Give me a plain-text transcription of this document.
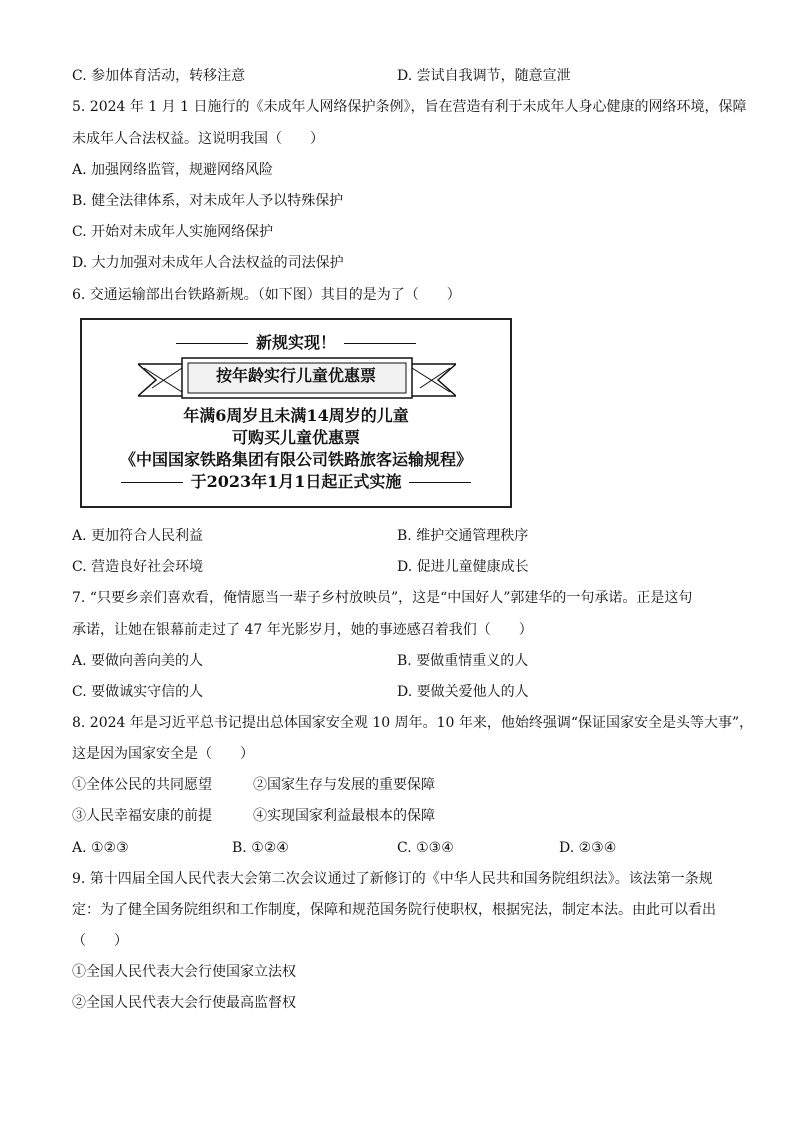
C. 参加体育活动，转移注意	D. 尝试自我调节，随意宣泄
5. 2024 年 1 月 1 日施行的《未成年人网络保护条例》，旨在营造有利于未成年人身心健康的网络环境，保障
未成年人合法权益。这说明我国（　　）
A. 加强网络监管，规避网络风险
B. 健全法律体系，对未成年人予以特殊保护
C. 开始对未成年人实施网络保护
D. 大力加强对未成年人合法权益的司法保护
6. 交通运输部出台铁路新规。（如下图）其目的是为了（　　）
新规实现！
按年龄实行儿童优惠票
年满6周岁且未满14周岁的儿童
可购买儿童优惠票
《中国国家铁路集团有限公司铁路旅客运输规程》
于2023年1月1日起正式实施
A. 更加符合人民利益	B. 维护交通管理秩序
C. 营造良好社会环境	D. 促进儿童健康成长
7. “只要乡亲们喜欢看，俺情愿当一辈子乡村放映员”，这是“中国好人”郭建华的一句承诺。正是这句
承诺，让她在银幕前走过了 47 年光影岁月，她的事迹感召着我们（　　）
A. 要做向善向美的人	B. 要做重情重义的人
C. 要做诚实守信的人	D. 要做关爱他人的人
8. 2024 年是习近平总书记提出总体国家安全观 10 周年。10 年来，他始终强调“保证国家安全是头等大事”，
这是因为国家安全是（　　）
①全体公民的共同愿望	②国家生存与发展的重要保障
③人民幸福安康的前提	④实现国家利益最根本的保障
A. ①②③	B. ①②④	C. ①③④	D. ②③④
9. 第十四届全国人民代表大会第二次会议通过了新修订的《中华人民共和国务院组织法》。该法第一条规
定：为了健全国务院组织和工作制度，保障和规范国务院行使职权，根据宪法，制定本法。由此可以看出
（　　）
①全国人民代表大会行使国家立法权
②全国人民代表大会行使最高监督权
